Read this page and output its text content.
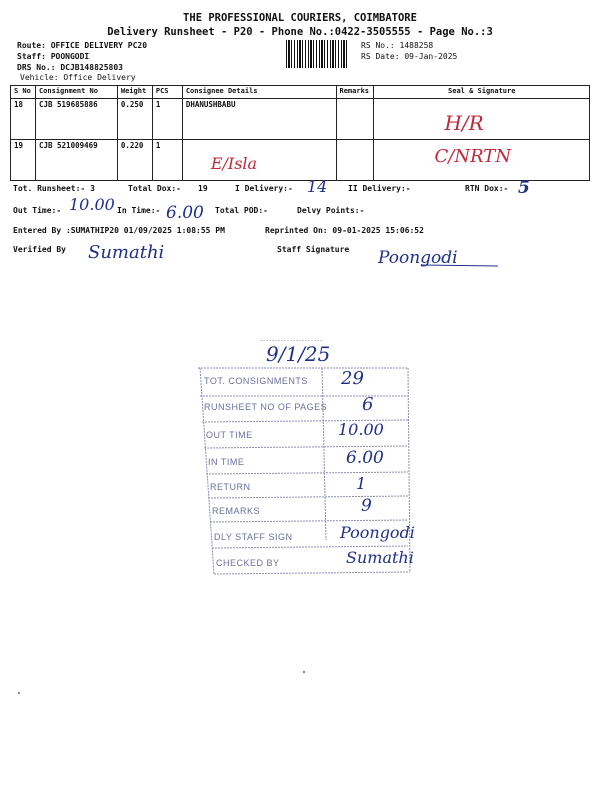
THE PROFESSIONAL COURIERS, COIMBATORE
Delivery Runsheet - P20 - Phone No.:0422-3505555 - Page No.:3
Route: OFFICE DELIVERY PC20
Staff: POONGODI
DRS No.: DCJB148825803
Vehicle: Office Delivery
RS No.: 1488258
RS Date: 09-Jan-2025
S No	Consignment No	Weight	PCS	Consignee Details	Remarks	Seal & Signature
18	CJB 519685886	0.250	1	DHANUSHBABU		H/R

19	CJB 521009469	0.220	1	E/Isla		C/NRTN
Tot. Runsheet:- 3	Total Dox:- 19	I Delivery:- 14	II Delivery:-	RTN Dox:- 5
Out Time:- 10.00 In Time:- 6.00 Total POD:-	Delvy Points:-
Entered By :SUMATHIP20 01/09/2025 1:08:55 PM	Reprinted On: 09-01-2025 15:06:52
Verified By Sumathi	Staff Signature Poongodi
9/1/25
TOT. CONSIGNMENTS 29
RUNSHEET NO OF PAGES 6
OUT TIME	10.00
IN TIME	6.00
RETURN	1
REMARKS	9
DLY STAFF SIGN	Poongodi
CHECKED BY	Sumathi
